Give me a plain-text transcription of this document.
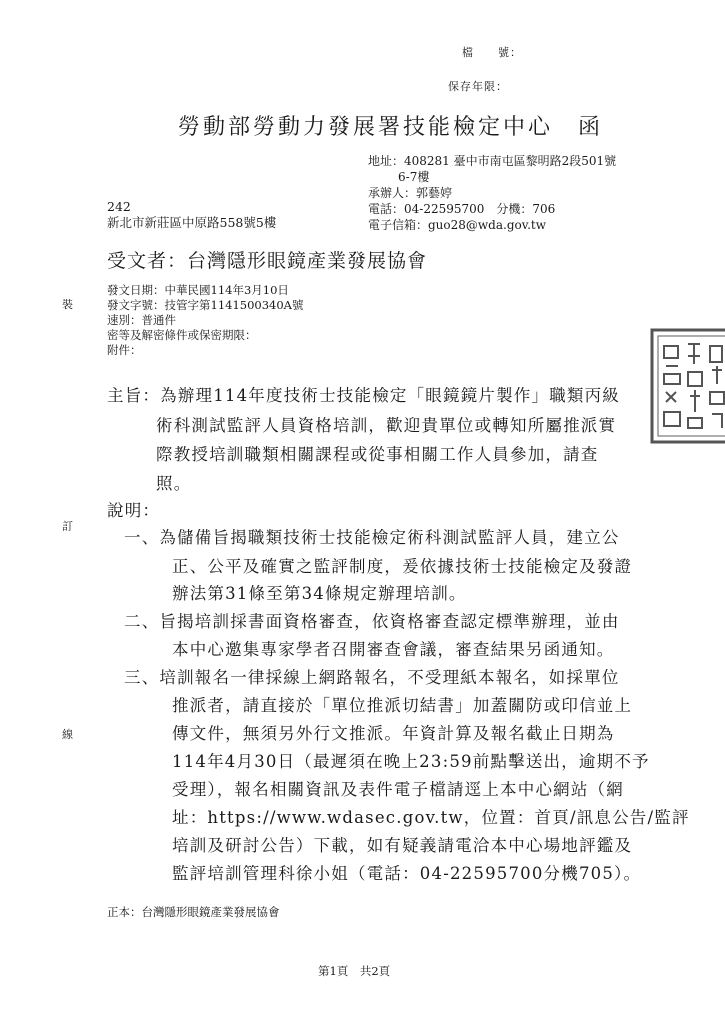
檔　　號：
保存年限：
勞動部勞動力發展署技能檢定中心　函
地址：408281 臺中市南屯區黎明路2段501號
6-7樓
承辦人：郭藝婷
電話：04-22595700　分機：706
電子信箱：guo28@wda.gov.tw
242
新北市新莊區中原路558號5樓
受文者：台灣隱形眼鏡產業發展協會
發文日期：中華民國114年3月10日
發文字號：技管字第1141500340A號
速別：普通件
密等及解密條件或保密期限：
附件：
裝
訂
線
主旨：為辦理114年度技術士技能檢定「眼鏡鏡片製作」職類丙級
術科測試監評人員資格培訓，歡迎貴單位或轉知所屬推派實
際教授培訓職類相關課程或從事相關工作人員參加，請查
照。
說明：
一、為儲備旨揭職類技術士技能檢定術科測試監評人員，建立公
正、公平及確實之監評制度，爰依據技術士技能檢定及發證
辦法第31條至第34條規定辦理培訓。
二、旨揭培訓採書面資格審查，依資格審查認定標準辦理，並由
本中心邀集專家學者召開審查會議，審查結果另函通知。
三、培訓報名一律採線上網路報名，不受理紙本報名，如採單位
推派者，請直接於「單位推派切結書」加蓋關防或印信並上
傳文件，無須另外行文推派。年資計算及報名截止日期為
114年4月30日（最遲須在晚上23:59前點擊送出，逾期不予
受理），報名相關資訊及表件電子檔請逕上本中心網站（網
址：https://www.wdasec.gov.tw，位置：首頁/訊息公告/監評
培訓及研討公告）下載，如有疑義請電洽本中心場地評鑑及
監評培訓管理科徐小姐（電話：04-22595700分機705）。
正本：台灣隱形眼鏡產業發展協會
第1頁　共2頁
